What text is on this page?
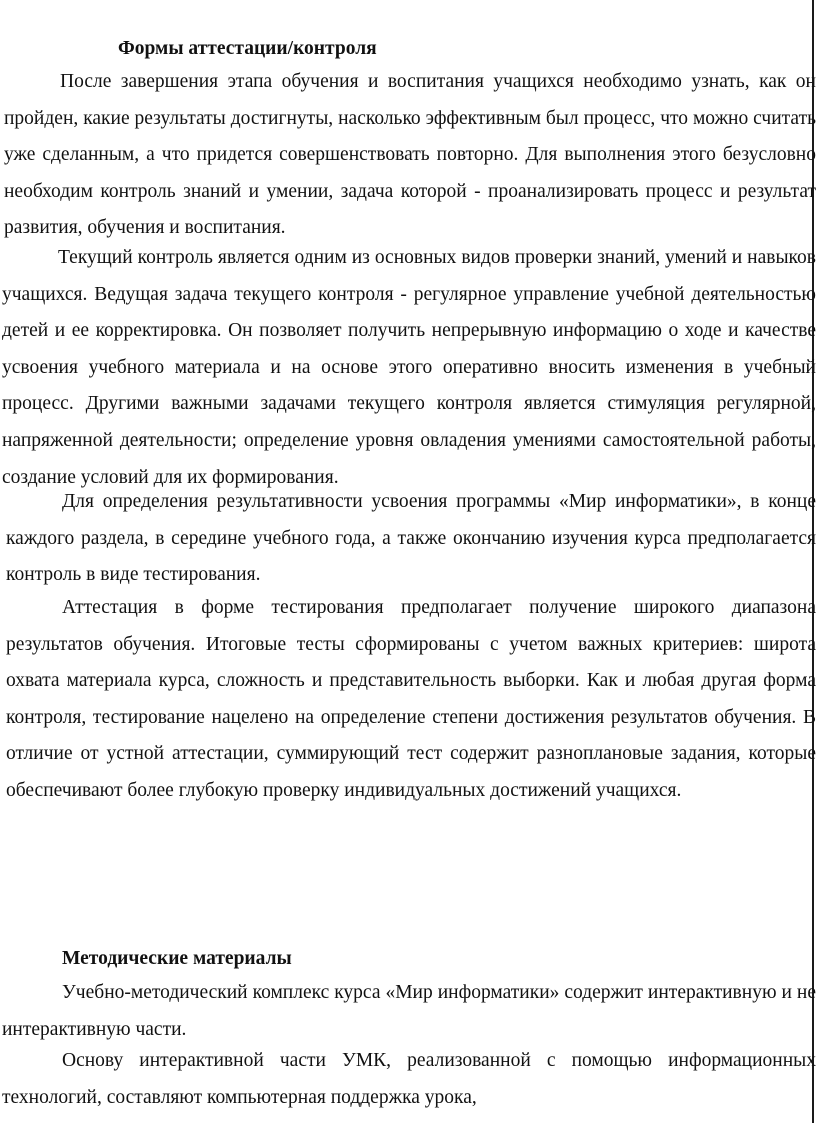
Формы аттестации/контроля

После завершения этапа обучения и воспитания учащихся необходимо узнать, как он пройден, какие результаты достигнуты, насколько эффективным был процесс, что можно считать уже сделанным, а что придется совершенствовать повторно. Для выполнения этого безусловно необходим контроль знаний и умении, задача которой - проанализировать процесс и результат развития, обучения и воспитания.

Текущий контроль является одним из основных видов проверки знаний, умений и навыков учащихся. Ведущая задача текущего контроля - регулярное управление учебной деятельностью детей и ее корректировка. Он позволяет получить непрерывную информацию о ходе и качестве усвоения учебного материала и на основе этого оперативно вносить изменения в учебный процесс. Другими важными задачами текущего контроля является стимуляция регулярной, напряженной деятельности; определение уровня овладения умениями самостоятельной работы, создание условий для их формирования.

Для определения результативности усвоения программы «Мир информатики», в конце каждого раздела, в середине учебного года, а также окончанию изучения курса предполагается контроль в виде тестирования.

Аттестация в форме тестирования предполагает получение широкого диапазона результатов обучения. Итоговые тесты сформированы с учетом важных критериев: широта охвата материала курса, сложность и представительность выборки. Как и любая другая форма контроля, тестирование нацелено на определение степени достижения результатов обучения. В отличие от устной аттестации, суммирующий тест содержит разноплановые задания, которые обеспечивают более глубокую проверку индивидуальных достижений учащихся.

Методические материалы

Учебно-методический комплекс курса «Мир информатики» содержит интерактивную и не интерактивную части.

Основу интерактивной части УМК, реализованной с помощью информационных технологий, составляют компьютерная поддержка урока,
